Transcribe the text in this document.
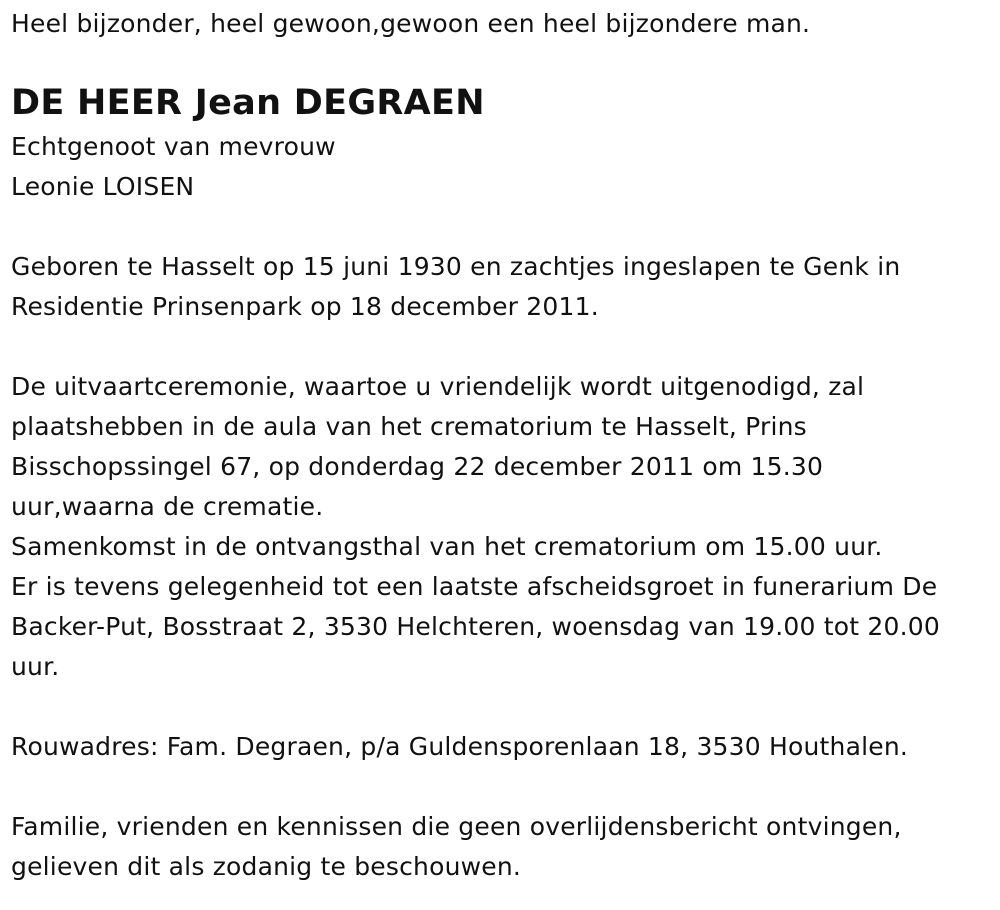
Heel bijzonder, heel gewoon,gewoon een heel bijzondere man.

DE HEER Jean DEGRAEN

Echtgenoot van mevrouw

Leonie LOISEN

Geboren te Hasselt op 15 juni 1930 en zachtjes ingeslapen te Genk in

Residentie Prinsenpark op 18 december 2011.

De uitvaartceremonie, waartoe u vriendelijk wordt uitgenodigd, zal

plaatshebben in de aula van het crematorium te Hasselt, Prins

Bisschopssingel 67, op donderdag 22 december 2011 om 15.30

uur,waarna de crematie.

Samenkomst in de ontvangsthal van het crematorium om 15.00 uur.

Er is tevens gelegenheid tot een laatste afscheidsgroet in funerarium De

Backer-Put, Bosstraat 2, 3530 Helchteren, woensdag van 19.00 tot 20.00

uur.

Rouwadres: Fam. Degraen, p/a Guldensporenlaan 18, 3530 Houthalen.

Familie, vrienden en kennissen die geen overlijdensbericht ontvingen,

gelieven dit als zodanig te beschouwen.
